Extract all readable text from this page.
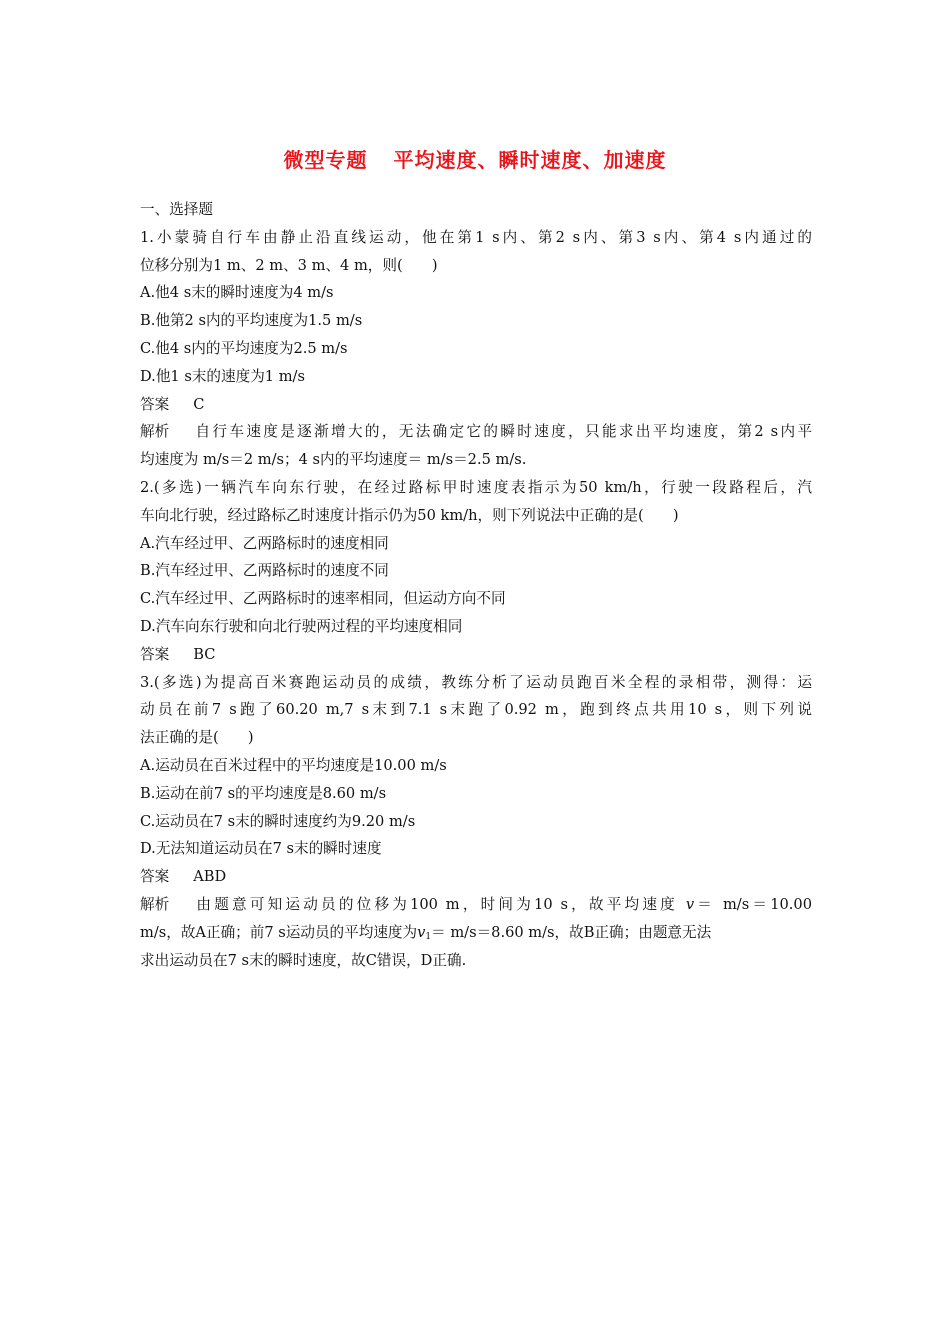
微型专题 平均速度、瞬时速度、加速度
一、选择题
1.小蒙骑自行车由静止沿直线运动，他在第1 s内、第2 s内、第3 s内、第4 s内通过的
位移分别为1 m、2 m、3 m、4 m，则(　　)
A.他4 s末的瞬时速度为4 m/s
B.他第2 s内的平均速度为1.5 m/s
C.他4 s内的平均速度为2.5 m/s
D.他1 s末的速度为1 m/s
答案 C
解析 自行车速度是逐渐增大的，无法确定它的瞬时速度，只能求出平均速度，第2 s内平
均速度为 m/s＝2 m/s；4 s内的平均速度＝ m/s＝2.5 m/s.
2.(多选)一辆汽车向东行驶，在经过路标甲时速度表指示为50 km/h，行驶一段路程后，汽
车向北行驶，经过路标乙时速度计指示仍为50 km/h，则下列说法中正确的是(　　)
A.汽车经过甲、乙两路标时的速度相同
B.汽车经过甲、乙两路标时的速度不同
C.汽车经过甲、乙两路标时的速率相同，但运动方向不同
D.汽车向东行驶和向北行驶两过程的平均速度相同
答案 BC
3.(多选)为提高百米赛跑运动员的成绩，教练分析了运动员跑百米全程的录相带，测得：运
动员在前7 s跑了60.20 m,7 s末到7.1 s末跑了0.92 m，跑到终点共用10 s，则下列说
法正确的是(　　)
A.运动员在百米过程中的平均速度是10.00 m/s
B.运动在前7 s的平均速度是8.60 m/s
C.运动员在7 s末的瞬时速度约为9.20 m/s
D.无法知道运动员在7 s末的瞬时速度
答案 ABD
解析 由题意可知运动员的位移为100 m，时间为10 s，故平均速度 v＝ m/s＝10.00
m/s，故A正确；前7 s运动员的平均速度为$v_1= m/s=8.60$ m/s，故B正确；由题意无法
求出运动员在7 s末的瞬时速度，故C错误，D正确.
